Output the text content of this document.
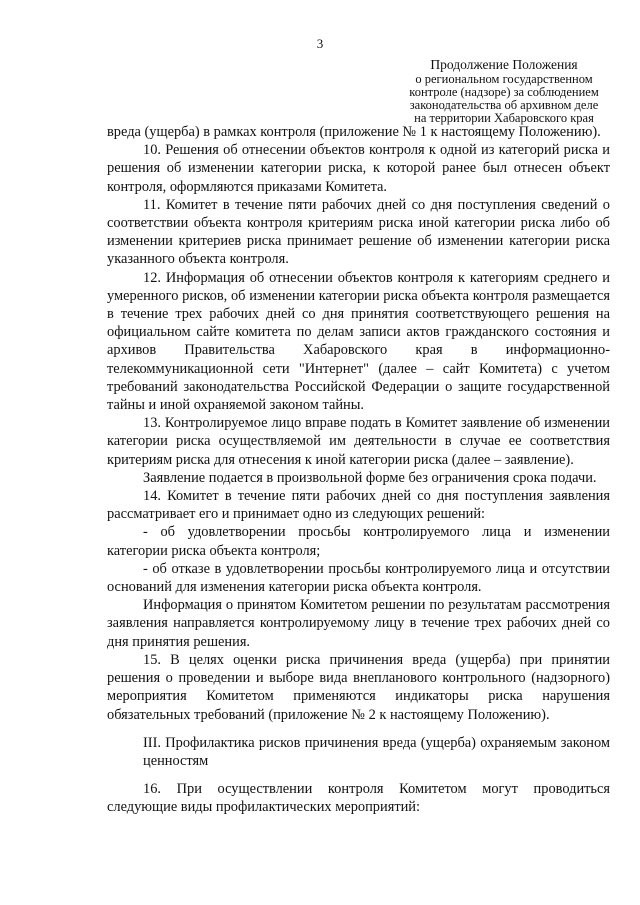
3
Продолжение Положения
о региональном государственном
контроле (надзоре) за соблюдением
законодательства об архивном деле
на территории Хабаровского края

вреда (ущерба) в рамках контроля (приложение № 1 к настоящему Положению).

10. Решения об отнесении объектов контроля к одной из категорий риска и решения об изменении категории риска, к которой ранее был отнесен объект контроля, оформляются приказами Комитета.

11. Комитет в течение пяти рабочих дней со дня поступления сведений о соответствии объекта контроля критериям риска иной категории риска либо об изменении критериев риска принимает решение об изменении категории риска указанного объекта контроля.

12. Информация об отнесении объектов контроля к категориям среднего и умеренного рисков, об изменении категории риска объекта контроля размещается в течение трех рабочих дней со дня принятия соответствующего решения на официальном сайте комитета по делам записи актов гражданского состояния и архивов Правительства Хабаровского края в информационно-телекоммуникационной сети "Интернет" (далее – сайт Комитета) с учетом требований законодательства Российской Федерации о защите государственной тайны и иной охраняемой законом тайны.

13. Контролируемое лицо вправе подать в Комитет заявление об изменении категории риска осуществляемой им деятельности в случае ее соответствия критериям риска для отнесения к иной категории риска (далее – заявление).

Заявление подается в произвольной форме без ограничения срока подачи.

14. Комитет в течение пяти рабочих дней со дня поступления заявления рассматривает его и принимает одно из следующих решений:

- об удовлетворении просьбы контролируемого лица и изменении категории риска объекта контроля;

- об отказе в удовлетворении просьбы контролируемого лица и отсутствии оснований для изменения категории риска объекта контроля.

Информация о принятом Комитетом решении по результатам рассмотрения заявления направляется контролируемому лицу в течение трех рабочих дней со дня принятия решения.

15. В целях оценки риска причинения вреда (ущерба) при принятии решения о проведении и выборе вида внепланового контрольного (надзорного) мероприятия Комитетом применяются индикаторы риска нарушения обязательных требований (приложение № 2 к настоящему Положению).

III. Профилактика рисков причинения вреда (ущерба) охраняемым законом ценностям

16. При осуществлении контроля Комитетом могут проводиться следующие виды профилактических мероприятий:
